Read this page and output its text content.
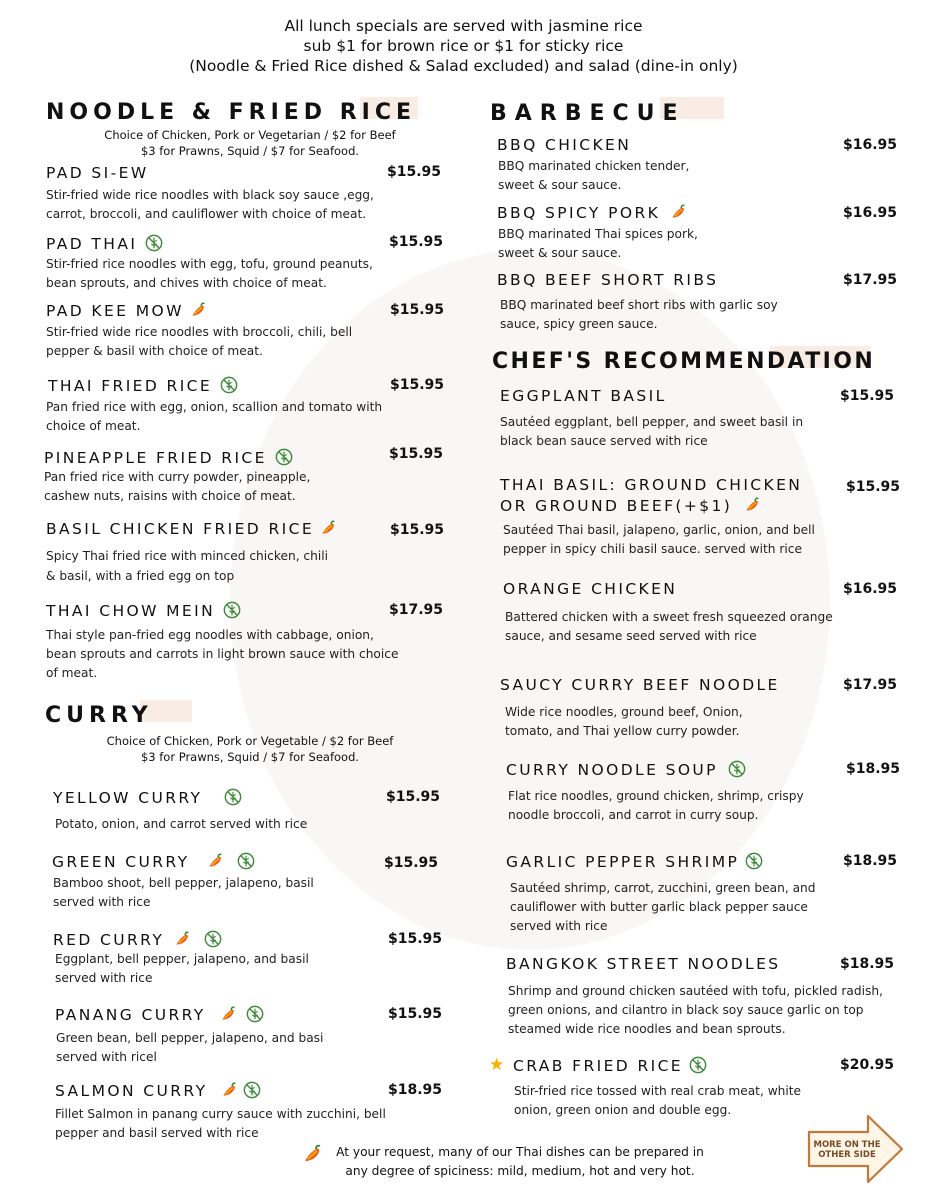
All lunch specials are served with jasmine rice
sub $1 for brown rice or $1 for sticky rice
(Noodle & Fried Rice dished & Salad excluded) and salad (dine-in only)
NOODLE & FRIED RICE
Choice of Chicken, Pork or Vegetarian / $2 for Beef
$3 for Prawns, Squid / $7 for Seafood.
PAD SI-EW	$15.95
Stir-fried wide rice noodles with black soy sauce ,egg, carrot, broccoli, and cauliflower with choice of meat.
PAD THAI	$15.95
Stir-fried rice noodles with egg, tofu, ground peanuts, bean sprouts, and chives with choice of meat.
PAD KEE MOW	$15.95
Stir-fried wide rice noodles with broccoli, chili, bell pepper & basil with choice of meat.
THAI FRIED RICE	$15.95
Pan fried rice with egg, onion, scallion and tomato with choice of meat.
PINEAPPLE FRIED RICE	$15.95
Pan fried rice with curry powder, pineapple, cashew nuts, raisins with choice of meat.
BASIL CHICKEN FRIED RICE	$15.95
Spicy Thai fried rice with minced chicken, chili & basil, with a fried egg on top
THAI CHOW MEIN	$17.95
Thai style pan-fried egg noodles with cabbage, onion, bean sprouts and carrots in light brown sauce with choice of meat.
CURRY
Choice of Chicken, Pork or Vegetable / $2 for Beef
$3 for Prawns, Squid / $7 for Seafood.
YELLOW CURRY	$15.95
Potato, onion, and carrot served with rice
GREEN CURRY	$15.95
Bamboo shoot, bell pepper, jalapeno, basil served with rice
RED CURRY	$15.95
Eggplant, bell pepper, jalapeno, and basil served with rice
PANANG CURRY	$15.95
Green bean, bell pepper, jalapeno, and basi served with ricel
SALMON CURRY	$18.95
Fillet Salmon in panang curry sauce with zucchini, bell pepper and basil served with rice
BARBECUE
BBQ CHICKEN	$16.95
BBQ marinated chicken tender, sweet & sour sauce.
BBQ SPICY PORK	$16.95
BBQ marinated Thai spices pork, sweet & sour sauce.
BBQ BEEF SHORT RIBS	$17.95
BBQ marinated beef short ribs with garlic soy sauce, spicy green sauce.
CHEF'S RECOMMENDATION
EGGPLANT BASIL	$15.95
Sautéed eggplant, bell pepper, and sweet basil in black bean sauce served with rice
THAI BASIL: GROUND CHICKEN
OR GROUND BEEF(+$1)
$15.95
Sautéed Thai basil, jalapeno, garlic, onion, and bell pepper in spicy chili basil sauce. served with rice
ORANGE CHICKEN	$16.95
Battered chicken with a sweet fresh squeezed orange sauce, and sesame seed served with rice
SAUCY CURRY BEEF NOODLE	$17.95
Wide rice noodles, ground beef, Onion, tomato, and Thai yellow curry powder.
CURRY NOODLE SOUP	$18.95
Flat rice noodles, ground chicken, shrimp, crispy noodle broccoli, and carrot in curry soup.
GARLIC PEPPER SHRIMP	$18.95
Sautéed shrimp, carrot, zucchini, green bean, and cauliflower with butter garlic black pepper sauce served with rice
BANGKOK STREET NOODLES	$18.95
Shrimp and ground chicken sautéed with tofu, pickled radish, green onions, and cilantro in black soy sauce garlic on top steamed wide rice noodles and bean sprouts.
★ CRAB FRIED RICE	$20.95
Stir-fried rice tossed with real crab meat, white onion, green onion and double egg.
At your request, many of our Thai dishes can be prepared in
any degree of spiciness: mild, medium, hot and very hot.
MORE ON THE
OTHER SIDE
